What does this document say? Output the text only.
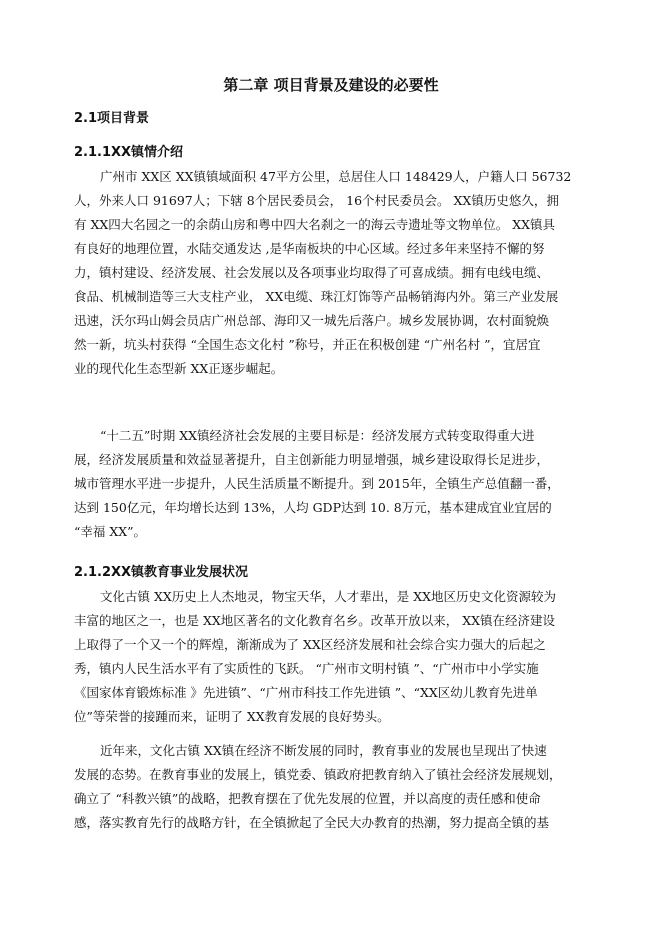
第二章 项目背景及建设的必要性
2.1项目背景
2.1.1XX镇情介绍
广州市 XX区 XX镇镇域面积 47平方公里，总居住人口 148429人，户籍人口 56732
人，外来人口 91697人；下辖 8个居民委员会， 16个村民委员会。 XX镇历史悠久，拥
有 XX四大名园之一的余荫山房和粤中四大名刹之一的海云寺遗址等文物单位。 XX镇具
有良好的地理位置，水陆交通发达 ,是华南板块的中心区域。经过多年来坚持不懈的努
力，镇村建设、经济发展、社会发展以及各项事业均取得了可喜成绩。拥有电线电缆、
食品、机械制造等三大支柱产业， XX电缆、珠江灯饰等产品畅销海内外。第三产业发展
迅速，沃尔玛山姆会员店广州总部、海印又一城先后落户。城乡发展协调，农村面貌焕
然一新，坑头村获得 “全国生态文化村 ”称号，并正在积极创建 “广州名村 ”，宜居宜
业的现代化生态型新 XX正逐步崛起。
“十二五”时期 XX镇经济社会发展的主要目标是：经济发展方式转变取得重大进
展，经济发展质量和效益显著提升，自主创新能力明显增强，城乡建设取得长足进步，
城市管理水平进一步提升，人民生活质量不断提升。到 2015年，全镇生产总值翻一番，
达到 150亿元，年均增长达到 13%，人均 GDP达到 10. 8万元，基本建成宜业宜居的
“幸福 XX”。
2.1.2XX镇教育事业发展状况
文化古镇 XX历史上人杰地灵，物宝天华，人才辈出，是 XX地区历史文化资源较为
丰富的地区之一，也是 XX地区著名的文化教育名乡。改革开放以来， XX镇在经济建设
上取得了一个又一个的辉煌，渐渐成为了 XX区经济发展和社会综合实力强大的后起之
秀，镇内人民生活水平有了实质性的飞跃。 “广州市文明村镇 ”、“广州市中小学实施
《国家体育锻炼标准 》先进镇”、“广州市科技工作先进镇 ”、“XX区幼儿教育先进单
位”等荣誉的接踵而来，证明了 XX教育发展的良好势头。
近年来，文化古镇 XX镇在经济不断发展的同时，教育事业的发展也呈现出了快速
发展的态势。在教育事业的发展上，镇党委、镇政府把教育纳入了镇社会经济发展规划，
确立了 “科教兴镇”的战略，把教育摆在了优先发展的位置，并以高度的责任感和使命
感，落实教育先行的战略方针，在全镇掀起了全民大办教育的热潮，努力提高全镇的基
